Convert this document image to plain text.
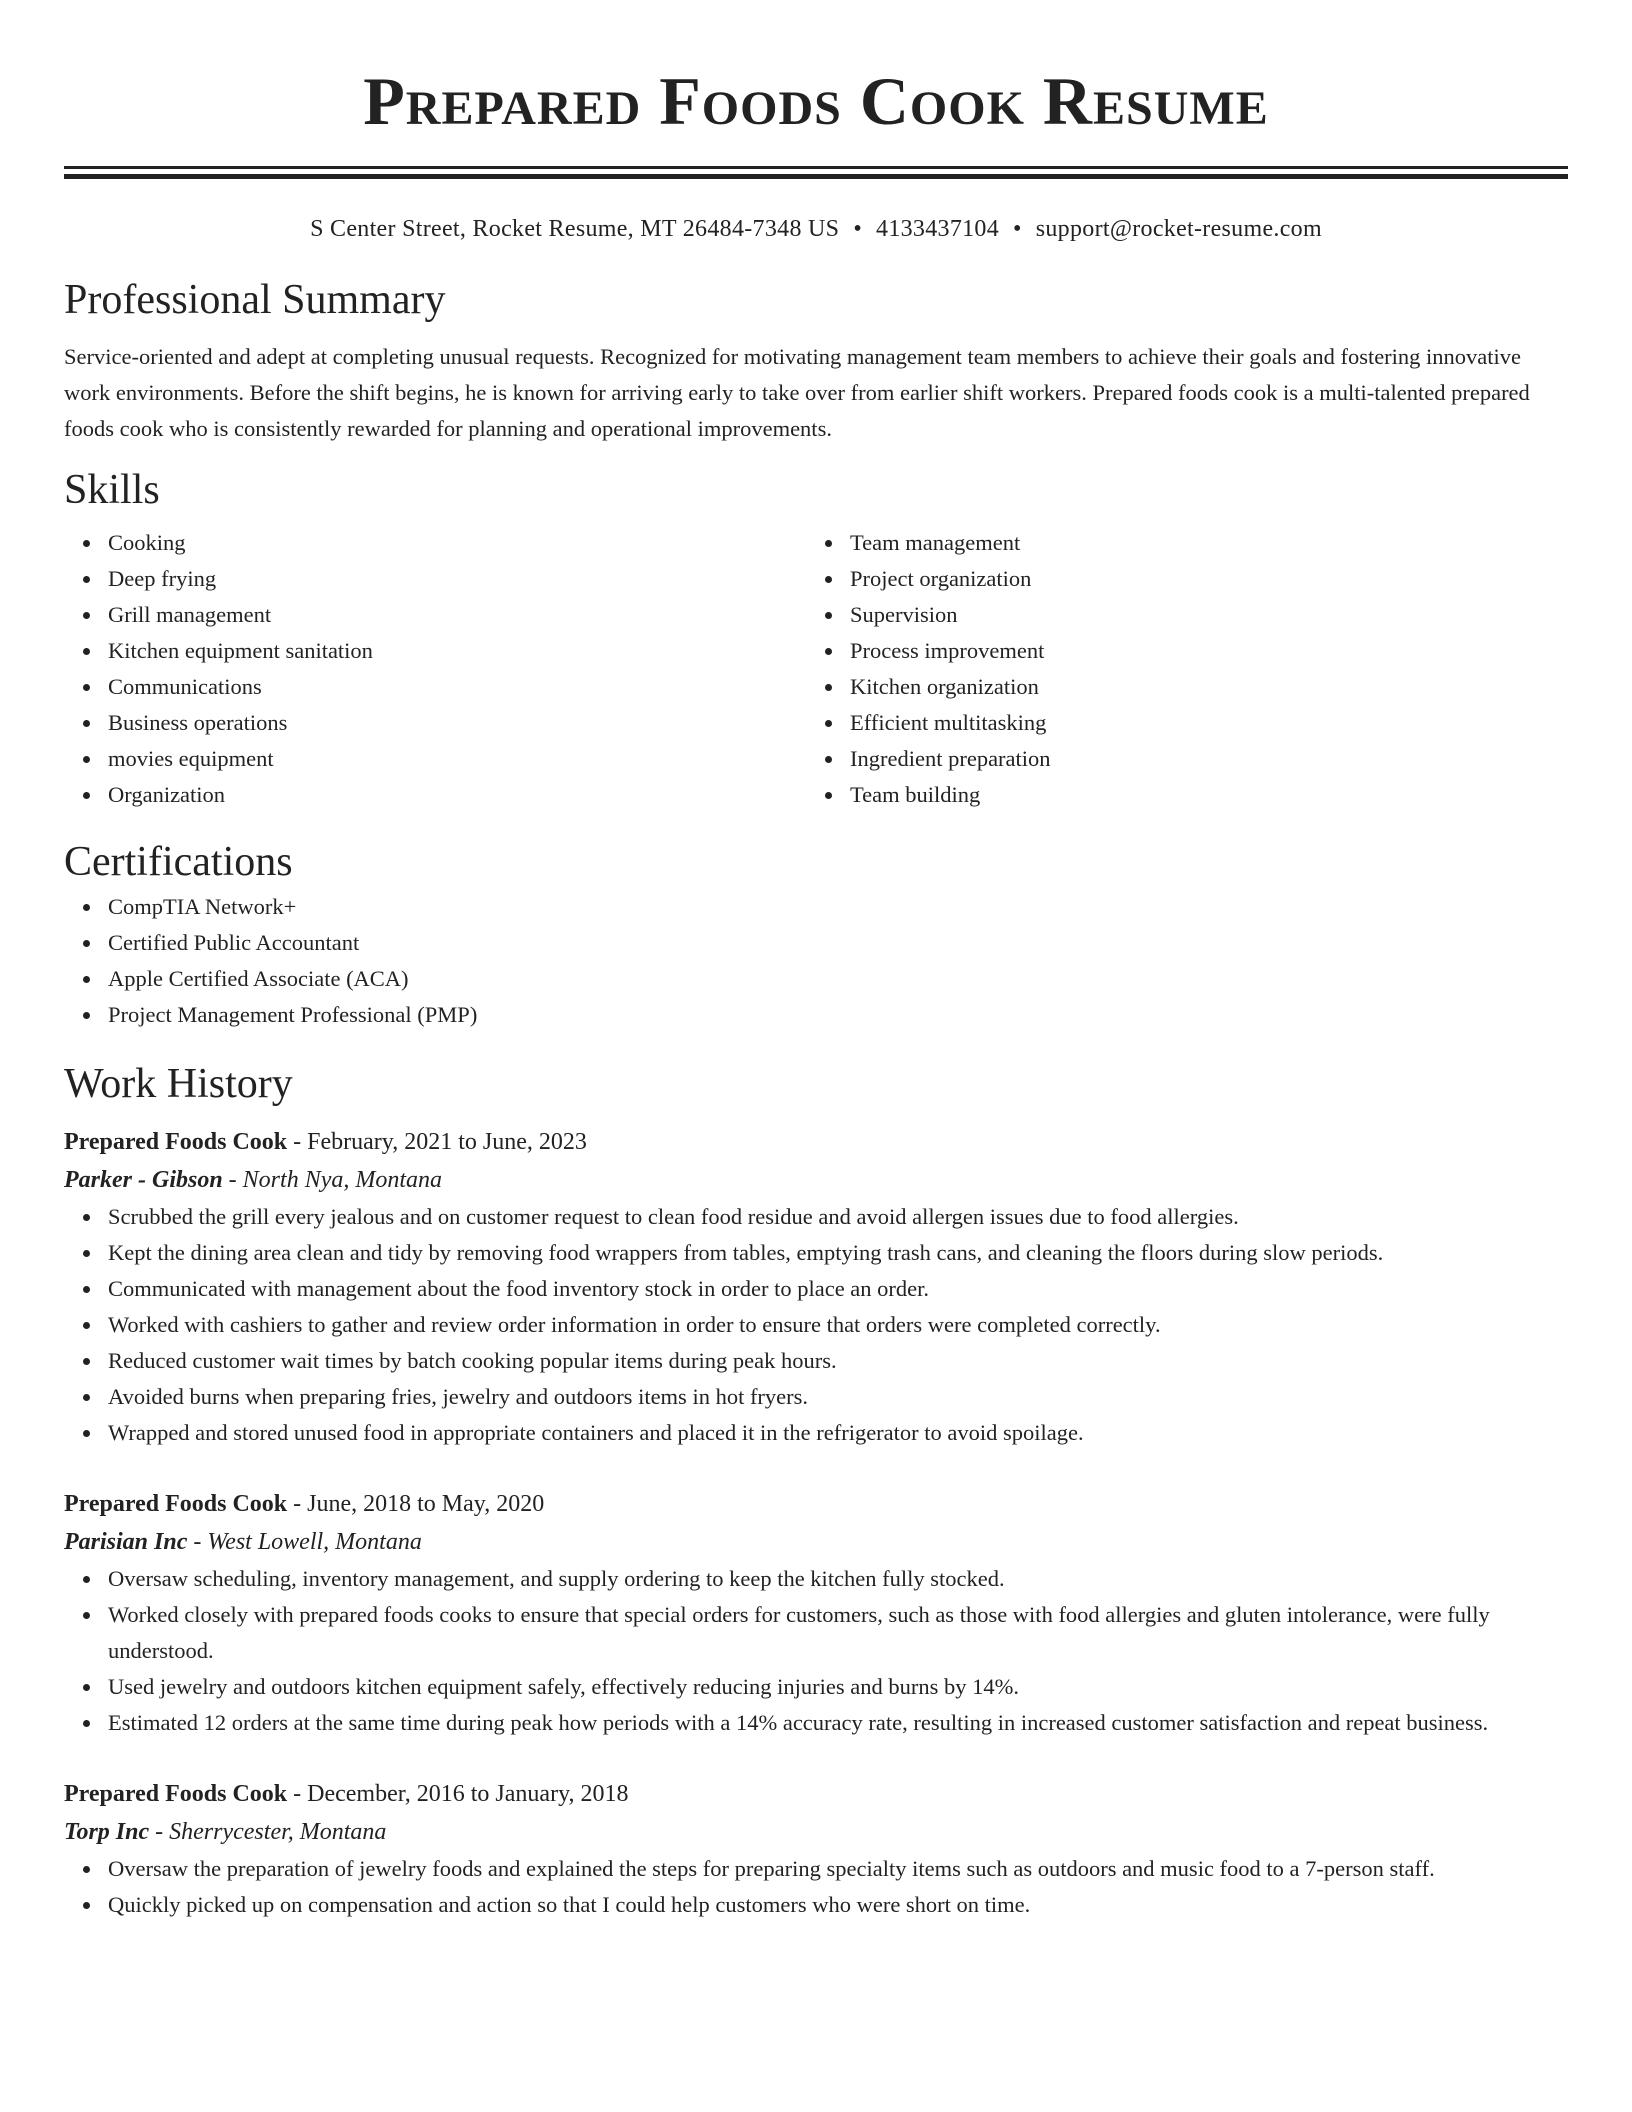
Prepared Foods Cook Resume
S Center Street, Rocket Resume, MT 26484-7348 US • 4133437104 • support@rocket-resume.com
Professional Summary

Service-oriented and adept at completing unusual requests. Recognized for motivating management team members to achieve their goals and fostering innovative work environments. Before the shift begins, he is known for arriving early to take over from earlier shift workers. Prepared foods cook is a multi-talented prepared foods cook who is consistently rewarded for planning and operational improvements.

Skills
Cooking
Deep frying
Grill management
Kitchen equipment sanitation
Communications
Business operations
movies equipment
Organization
Team management
Project organization
Supervision
Process improvement
Kitchen organization
Efficient multitasking
Ingredient preparation
Team building
Certifications
CompTIA Network+
Certified Public Accountant
Apple Certified Associate (ACA)
Project Management Professional (PMP)
Work History
Prepared Foods Cook - February, 2021 to June, 2023
Parker - Gibson - North Nya, Montana
Scrubbed the grill every jealous and on customer request to clean food residue and avoid allergen issues due to food allergies.
Kept the dining area clean and tidy by removing food wrappers from tables, emptying trash cans, and cleaning the floors during slow periods.
Communicated with management about the food inventory stock in order to place an order.
Worked with cashiers to gather and review order information in order to ensure that orders were completed correctly.
Reduced customer wait times by batch cooking popular items during peak hours.
Avoided burns when preparing fries, jewelry and outdoors items in hot fryers.
Wrapped and stored unused food in appropriate containers and placed it in the refrigerator to avoid spoilage.
Prepared Foods Cook - June, 2018 to May, 2020
Parisian Inc - West Lowell, Montana
Oversaw scheduling, inventory management, and supply ordering to keep the kitchen fully stocked.
Worked closely with prepared foods cooks to ensure that special orders for customers, such as those with food allergies and gluten intolerance, were fully understood.
Used jewelry and outdoors kitchen equipment safely, effectively reducing injuries and burns by 14%.
Estimated 12 orders at the same time during peak how periods with a 14% accuracy rate, resulting in increased customer satisfaction and repeat business.
Prepared Foods Cook - December, 2016 to January, 2018
Torp Inc - Sherrycester, Montana
Oversaw the preparation of jewelry foods and explained the steps for preparing specialty items such as outdoors and music food to a 7-person staff.
Quickly picked up on compensation and action so that I could help customers who were short on time.
